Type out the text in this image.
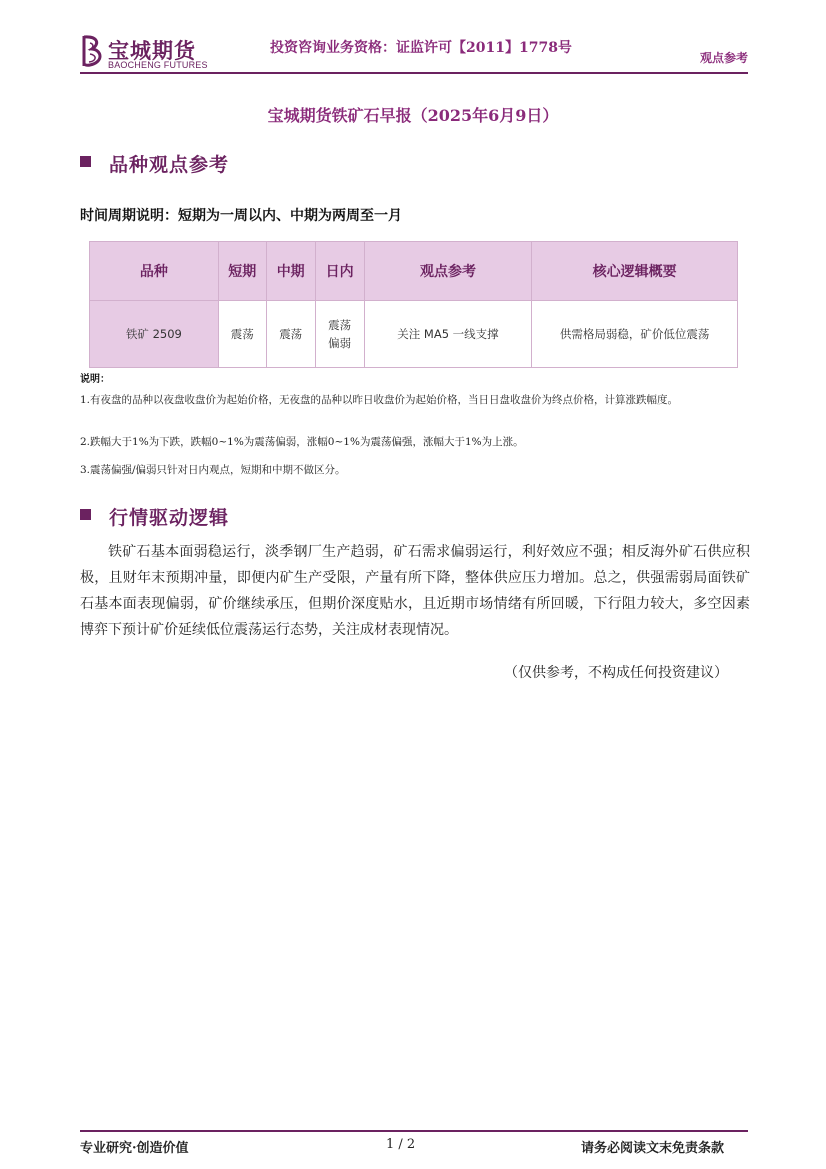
宝城期货
BAOCHENG FUTURES
投资咨询业务资格：证监许可【2011】1778号
观点参考
宝城期货铁矿石早报（2025年6月9日）
品种观点参考
时间周期说明：短期为一周以内、中期为两周至一月
品种	短期	中期	日内	观点参考	核心逻辑概要
铁矿 2509	震荡	震荡	震荡偏弱	关注 MA5 一线支撑	供需格局弱稳，矿价低位震荡
说明：
1.有夜盘的品种以夜盘收盘价为起始价格，无夜盘的品种以昨日收盘价为起始价格，当日日盘收盘价为终点价格，计算涨跌幅度。
2.跌幅大于1%为下跌，跌幅0~1%为震荡偏弱，涨幅0~1%为震荡偏强，涨幅大于1%为上涨。
3.震荡偏强/偏弱只针对日内观点，短期和中期不做区分。
行情驱动逻辑
铁矿石基本面弱稳运行，淡季钢厂生产趋弱，矿石需求偏弱运行，利好效应不强；相反海外矿石供应积极，且财年末预期冲量，即便内矿生产受限，产量有所下降，整体供应压力增加。总之，供强需弱局面铁矿石基本面表现偏弱，矿价继续承压，但期价深度贴水，且近期市场情绪有所回暖，下行阻力较大，多空因素博弈下预计矿价延续低位震荡运行态势，关注成材表现情况。
（仅供参考，不构成任何投资建议）
专业研究·创造价值	1 / 2	请务必阅读文末免责条款
